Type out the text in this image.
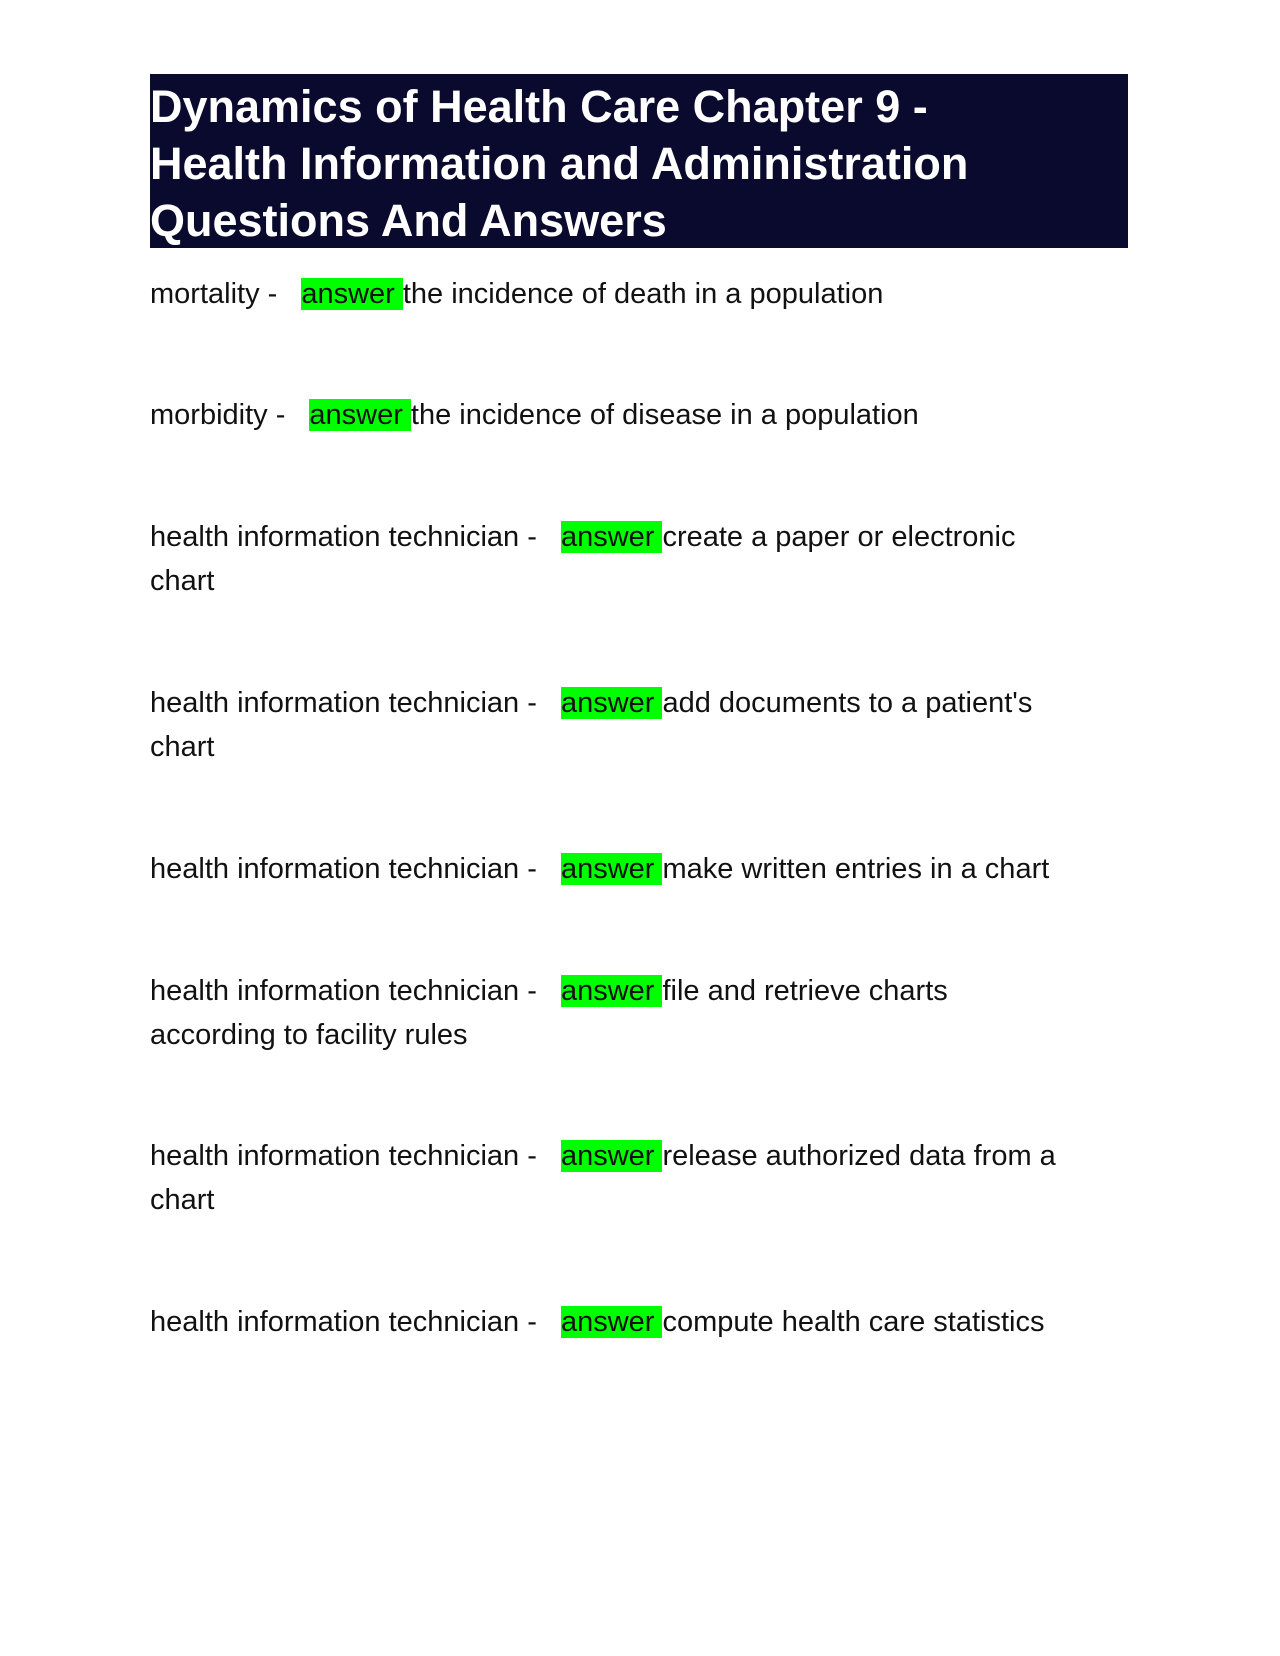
Dynamics of Health Care Chapter 9 -
Health Information and Administration
Questions And Answers
mortality - answer the incidence of death in a population
morbidity - answer the incidence of disease in a population
health information technician - answer create a paper or electronic
chart
health information technician - answer add documents to a patient's
chart
health information technician - answer make written entries in a chart
health information technician - answer file and retrieve charts
according to facility rules
health information technician - answer release authorized data from a
chart
health information technician - answer compute health care statistics
